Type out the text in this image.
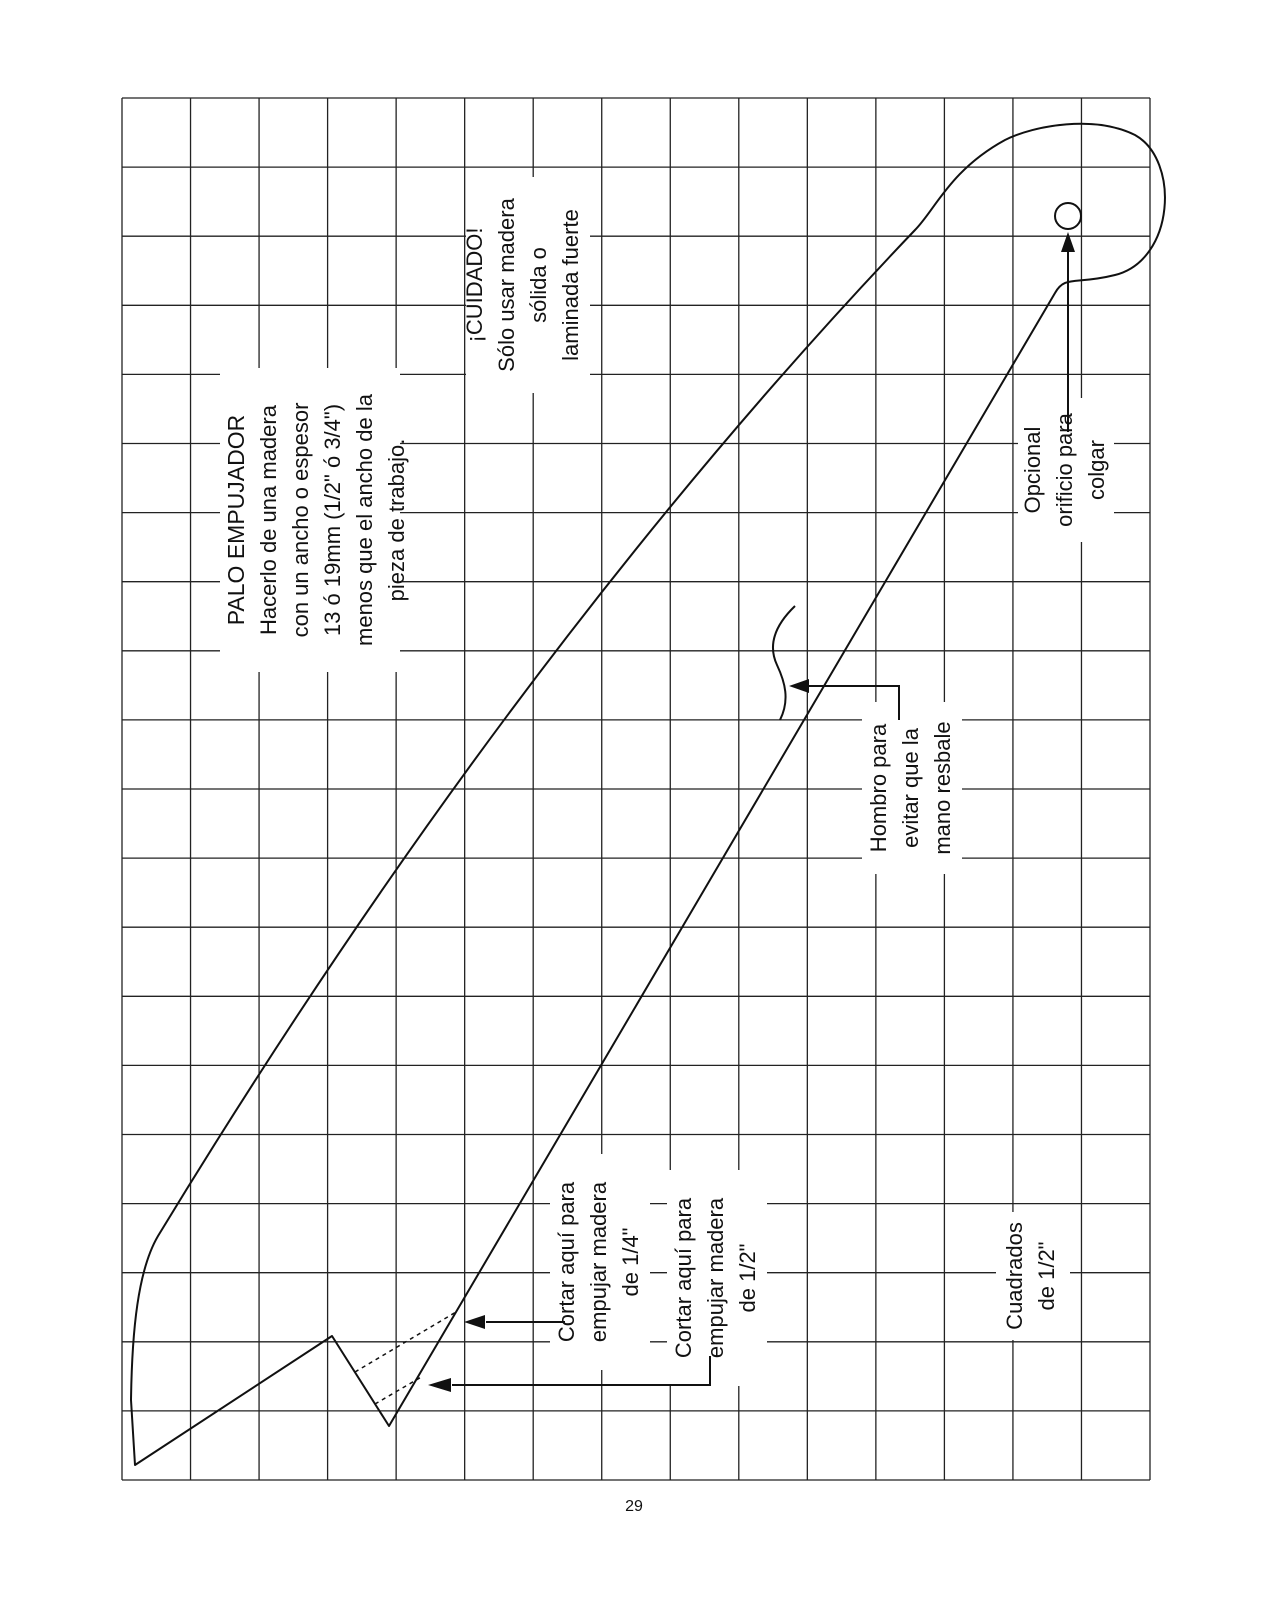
PALO EMPUJADOR Hacerlo de una madera con un ancho o espesor 13 ó 19mm (1/2" ó 3/4") menos que el ancho de la pieza de trabajo.
¡CUIDADO! Sólo usar madera sólida o laminada fuerte
Opcional orificio para colgar
Hombro para evitar que la mano resbale
Cortar aquí para empujar madera de 1/4" Cortar aquí para empujar madera de 1/2"	Cuadrados de 1/2"
29
